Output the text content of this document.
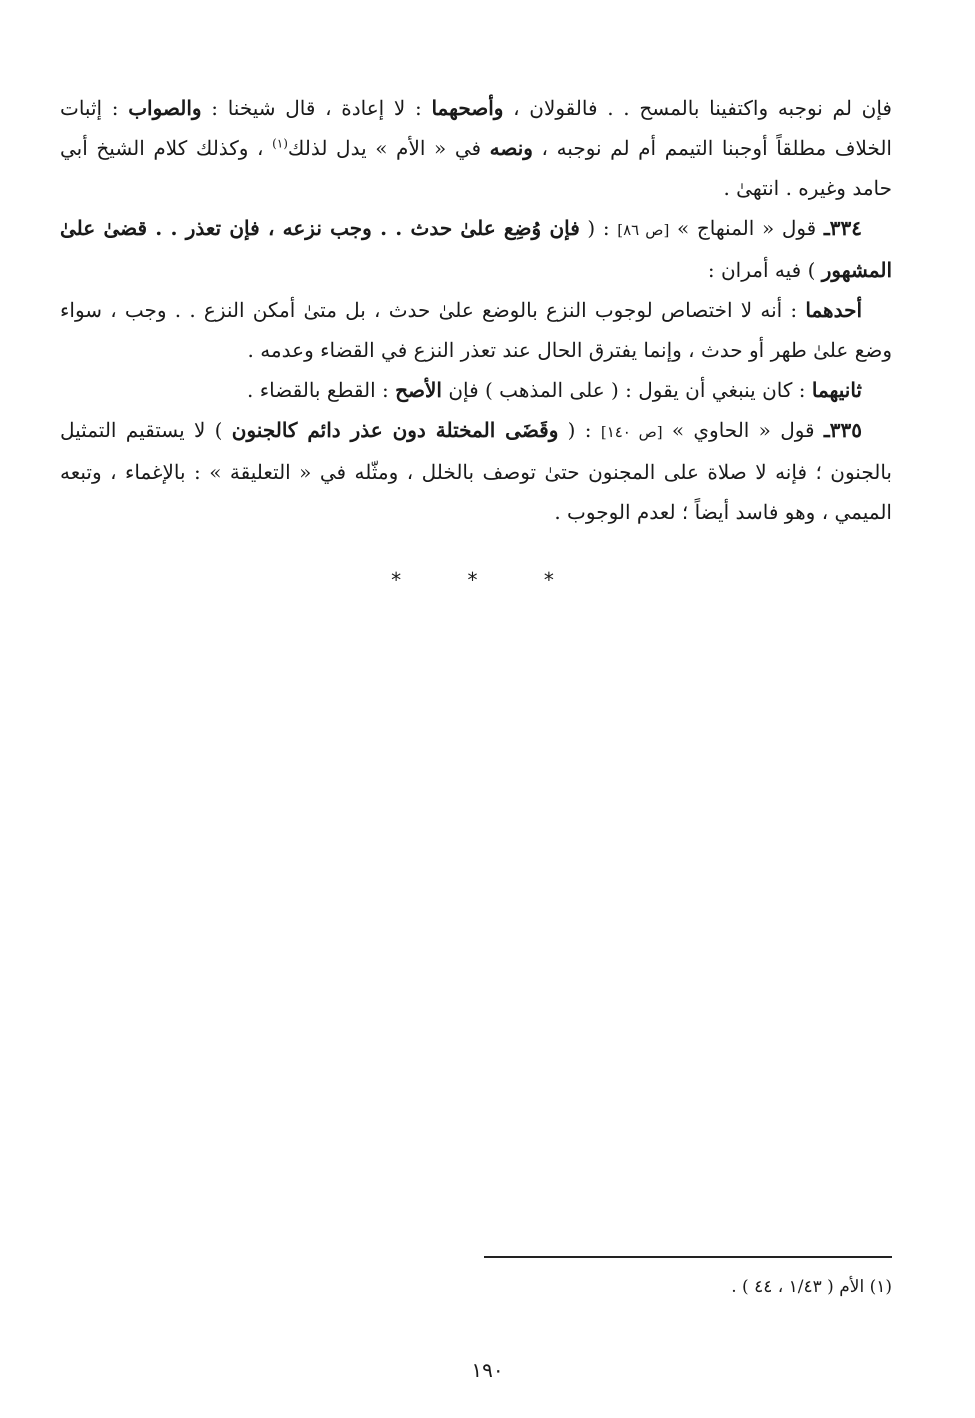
فإن لم نوجبه واكتفينا بالمسح . . فالقولان ، وأصحهما : لا إعادة ، قال شيخنا : والصواب : إثبات الخلاف مطلقاً أوجبنا التيمم أم لم نوجبه ، ونصه في « الأم » يدل لذلك$^{(١)}$ ، وكذلك كلام الشيخ أبي حامد وغيره . انتهىٰ .

٣٣٤ـ قول « المنهاج » [ص ٨٦] : ( فإن وُضِع علىٰ حدث . . وجب نزعه ، فإن تعذر . . قضىٰ علىٰ المشهور ) فيه أمران :

أحدهما : أنه لا اختصاص لوجوب النزع بالوضع علىٰ حدث ، بل متىٰ أمكن النزع . . وجب ، سواء وضع علىٰ طهر أو حدث ، وإنما يفترق الحال عند تعذر النزع في القضاء وعدمه .

ثانيهما : كان ينبغي أن يقول : ( على المذهب ) فإن الأصح : القطع بالقضاء .

٣٣٥ـ قول « الحاوي » [ص ١٤٠] : ( وقَضَى المختلة دون عذر دائم كالجنون ) لا يستقيم التمثيل بالجنون ؛ فإنه لا صلاة على المجنون حتىٰ توصف بالخلل ، ومثّله في « التعليقة » : بالإغماء ، وتبعه الميمي ، وهو فاسد أيضاً ؛ لعدم الوجوب .

* * *
(١) الأم ( ١/٤٣ ، ٤٤ ) .
١٩٠
